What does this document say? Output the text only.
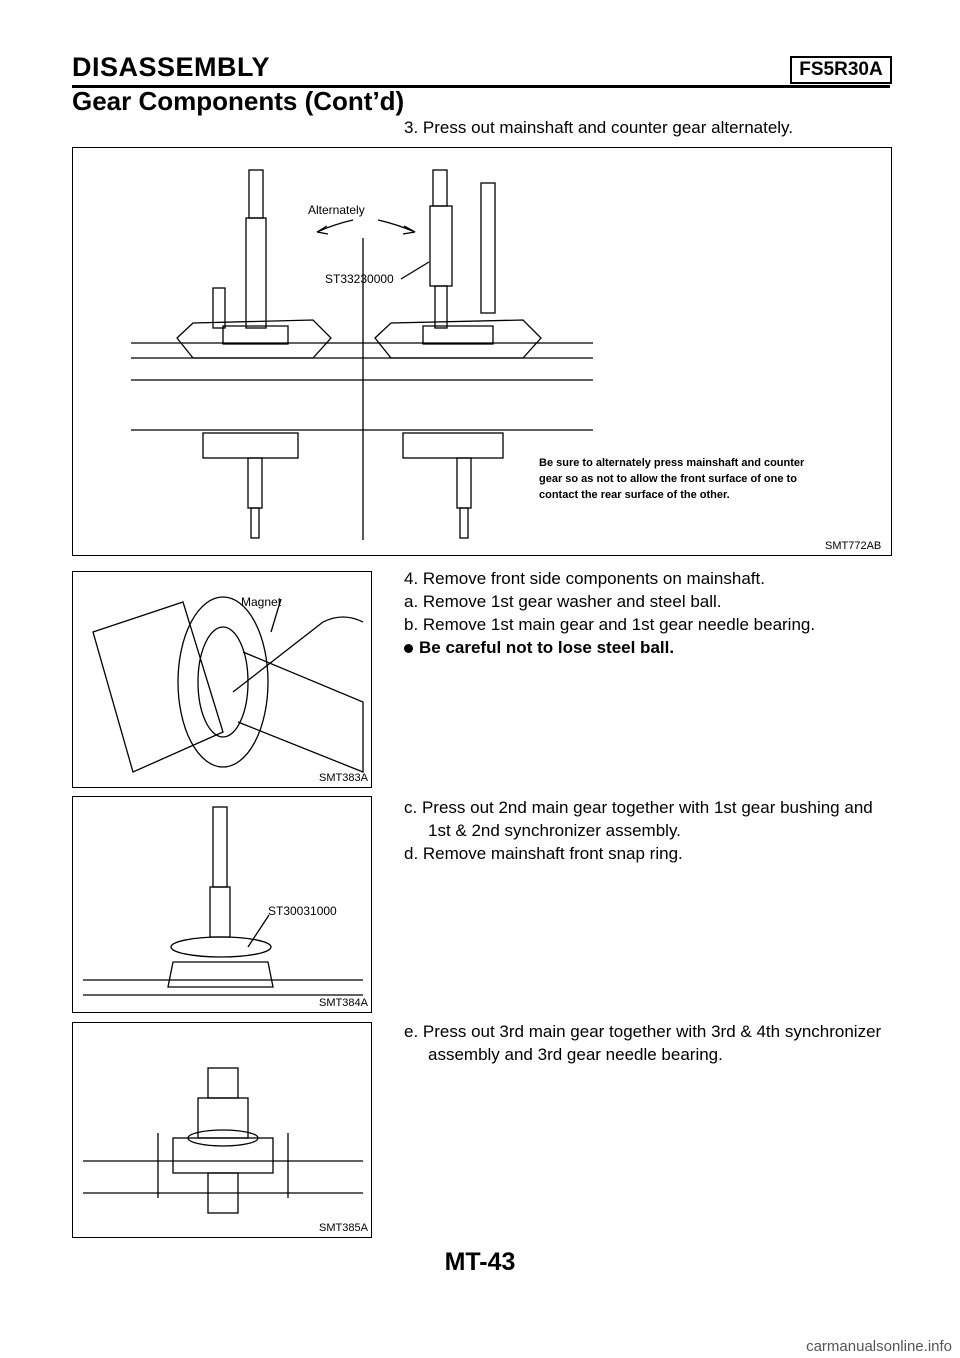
DISASSEMBLY	FS5R30A
Gear Components (Cont’d)
3. Press out mainshaft and counter gear alternately.
Alternately
ST33230000
Be sure to alternately press mainshaft and counter
gear so as not to allow the front surface of one to
contact the rear surface of the other.
SMT772AB

4. Remove front side components on mainshaft.

a. Remove 1st gear washer and steel ball.

b. Remove 1st main gear and 1st gear needle bearing.

Be careful not to lose steel ball.

Magnet
SMT383A

c. Press out 2nd main gear together with 1st gear bushing and

1st & 2nd synchronizer assembly.

d. Remove mainshaft front snap ring.

ST30031000
SMT384A

e. Press out 3rd main gear together with 3rd & 4th synchronizer

assembly and 3rd gear needle bearing.

SMT385A
MT-43
carmanualsonline.info
